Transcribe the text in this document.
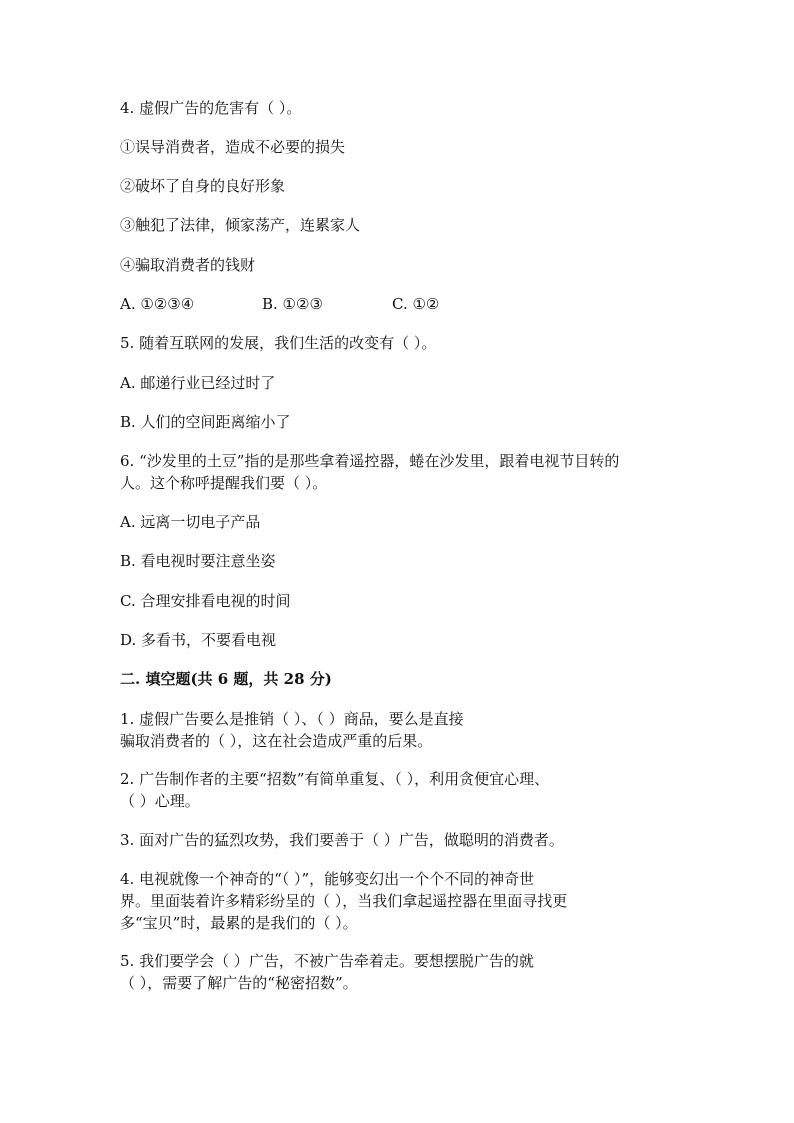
4. 虚假广告的危害有（ ）。
①误导消费者，造成不必要的损失
②破坏了自身的良好形象
③触犯了法律，倾家荡产，连累家人
④骗取消费者的钱财
A. ①②③④	B. ①②③	C. ①②
5. 随着互联网的发展，我们生活的改变有（ ）。
A. 邮递行业已经过时了
B. 人们的空间距离缩小了
6. “沙发里的土豆”指的是那些拿着遥控器，蜷在沙发里，跟着电视节目转的
人。这个称呼提醒我们要（ ）。
A. 远离一切电子产品
B. 看电视时要注意坐姿
C. 合理安排看电视的时间
D. 多看书，不要看电视
二. 填空题(共 6 题，共 28 分)
1. 虚假广告要么是推销（ ）、（ ）商品，要么是直接
骗取消费者的（ ），这在社会造成严重的后果。
2. 广告制作者的主要“招数”有简单重复、（ ），利用贪便宜心理、
（ ）心理。
3. 面对广告的猛烈攻势，我们要善于（ ）广告，做聪明的消费者。
4. 电视就像一个神奇的“（ ）”，能够变幻出一个个不同的神奇世
界。里面装着许多精彩纷呈的（ ），当我们拿起遥控器在里面寻找更
多“宝贝”时，最累的是我们的（ ）。
5. 我们要学会（ ）广告，不被广告牵着走。要想摆脱广告的就
（ ），需要了解广告的“秘密招数”。
